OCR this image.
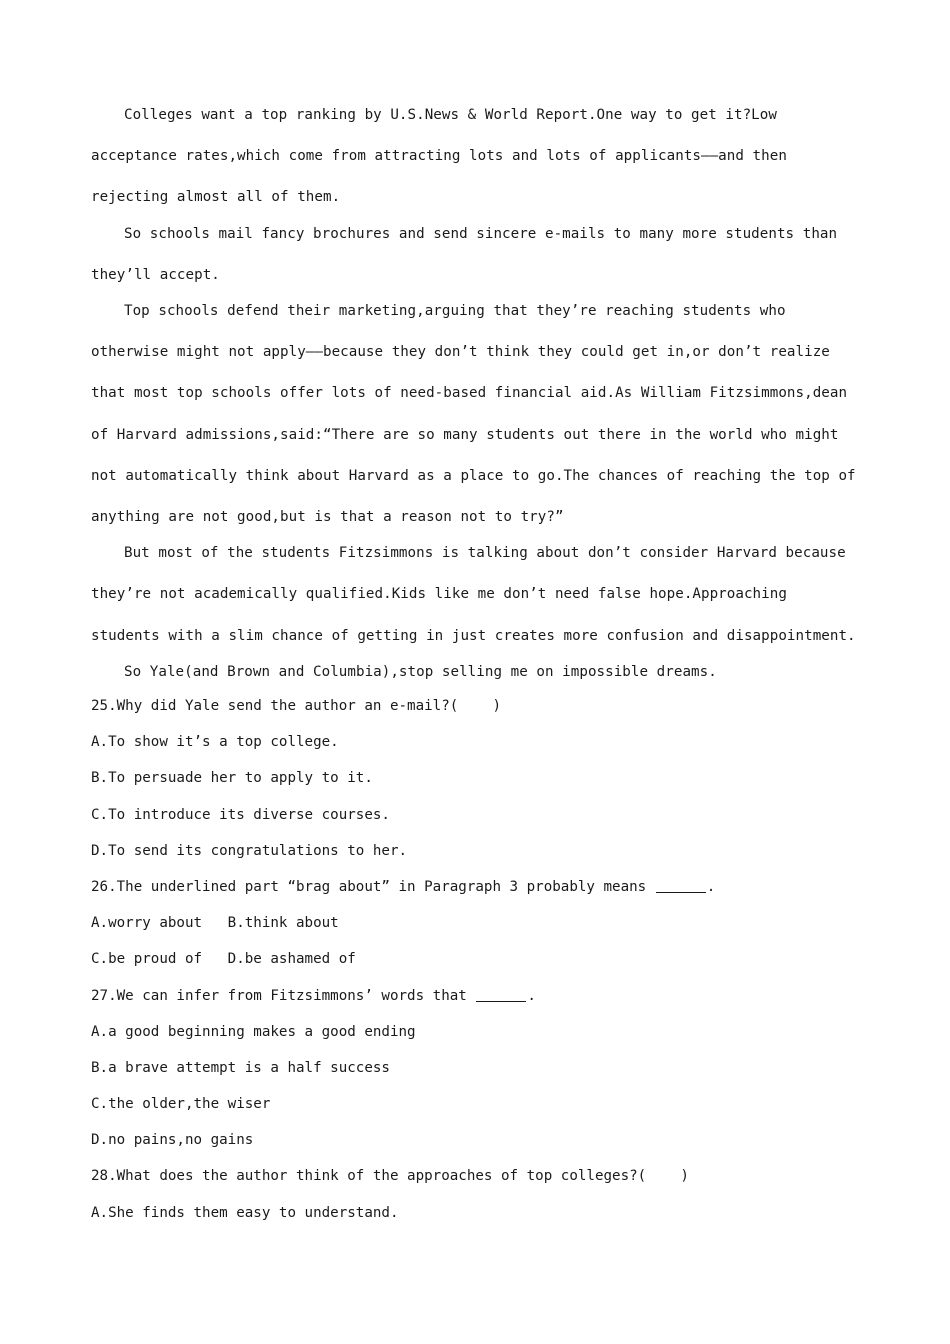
Colleges want a top ranking by U.S.News & World Report.One way to get it?Low acceptance rates,which come from attracting lots and lots of applicants——and then rejecting almost all of them.

So schools mail fancy brochures and send sincere e-mails to many more students than they’ll accept.

Top schools defend their marketing,arguing that they’re reaching students who otherwise might not apply——because they don’t think they could get in,or don’t realize that most top schools offer lots of need-based financial aid.As William Fitzsimmons,dean of Harvard admissions,said:“There are so many students out there in the world who might not automatically think about Harvard as a place to go.The chances of reaching the top of anything are not good,but is that a reason not to try?”

But most of the students Fitzsimmons is talking about don’t consider Harvard because they’re not academically qualified.Kids like me don’t need false hope.Approaching students with a slim chance of getting in just creates more confusion and disappointment.

So Yale(and Brown and Columbia),stop selling me on impossible dreams.

25.Why did Yale send the author an e-mail?(    )

A.To show it’s a top college.

B.To persuade her to apply to it.

C.To introduce its diverse courses.

D.To send its congratulations to her.

26.The underlined part “brag about” in Paragraph 3 probably means	.

A.worry about   B.think about

C.be proud of   D.be ashamed of

27.We can infer from Fitzsimmons’ words that	.

A.a good beginning makes a good ending

B.a brave attempt is a half success

C.the older,the wiser

D.no pains,no gains

28.What does the author think of the approaches of top colleges?(    )

A.She finds them easy to understand.
